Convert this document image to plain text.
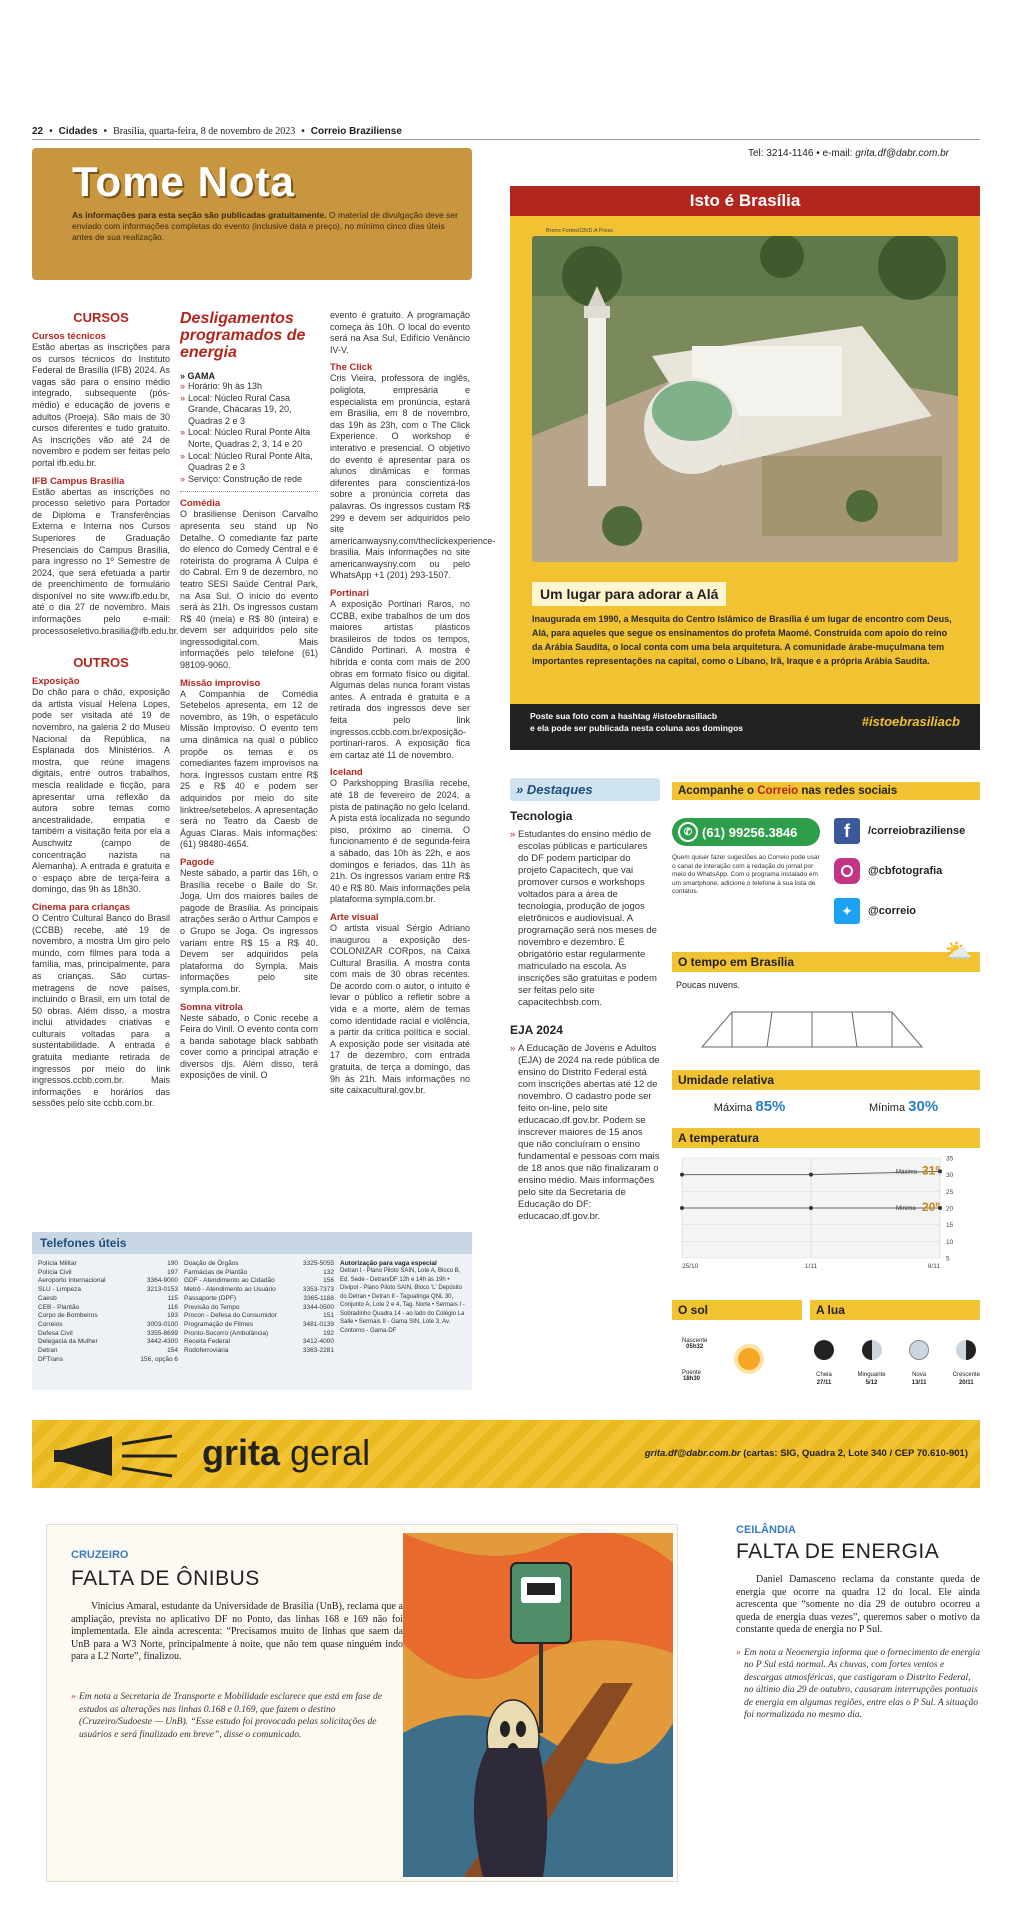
22 • Cidades • Brasília, quarta-feira, 8 de novembro de 2023 • Correio Braziliense
Tel: 3214-1146 • e-mail: grita.df@dabr.com.br
Tome Nota
As informações para esta seção são publicadas gratuitamente. O material de divulgação deve ser enviado com informações completas do evento (inclusive data e preço), no mínimo cinco dias úteis antes de sua realização.
CURSOS
Cursos técnicos
Estão abertas as inscrições para os cursos técnicos do Instituto Federal de Brasília (IFB) 2024. As vagas são para o ensino médio integrado, subsequente (pós-médio) e educação de jovens e adultos (Proeja). São mais de 30 cursos diferentes e tudo gratuito. As inscrições vão até 24 de novembro e podem ser feitas pelo portal ifb.edu.br.
IFB Campus Brasília
Estão abertas as inscrições no processo seletivo para Portador de Diploma e Transferências Externa e Interna nos Cursos Superiores de Graduação Presenciais do Campus Brasília, para ingresso no 1º Semestre de 2024, que será efetuada a partir de preenchimento de formulário disponível no site www.ifb.edu.br, até o dia 27 de novembro. Mais informações pelo e-mail: processoseletivo.brasilia@ifb.edu.br.
OUTROS
Exposição
Do chão para o chão, exposição da artista visual Helena Lopes, pode ser visitada até 19 de novembro, na galeria 2 do Museu Nacional da República, na Esplanada dos Ministérios. A mostra, que reúne imagens digitais, entre outros trabalhos, mescla realidade e ficção, para apresentar uma reflexão da autora sobre temas como ancestralidade, empatia e também a visitação feita por ela a Auschwitz (campo de concentração nazista na Alemanha). A entrada é gratuita e o espaço abre de terça-feira a domingo, das 9h às 18h30.
Cinema para crianças
O Centro Cultural Banco do Brasil (CCBB) recebe, até 19 de novembro, a mostra Um giro pelo mundo, com filmes para toda a família, mas, principalmente, para as crianças. São curtas-metragens de nove países, incluindo o Brasil, em um total de 50 obras. Além disso, a mostra inclui atividades criativas e culturais voltadas para a sustentabilidade. A entrada é gratuita mediante retirada de ingressos por meio do link ingressos.ccbb.com.br. Mais informações e horários das sessões pelo site ccbb.com.br.
Desligamentos programados de energia
» GAMA
» Horário: 9h às 13h
» Local: Núcleo Rural Casa Grande, Chácaras 19, 20, Quadras 2 e 3
» Local: Núcleo Rural Ponte Alta Norte, Quadras 2, 3, 14 e 20
» Local: Núcleo Rural Ponte Alta, Quadras 2 e 3
» Serviço: Construção de rede
Comédia
O brasiliense Denison Carvalho apresenta seu stand up No Detalhe. O comediante faz parte do elenco do Comedy Central e é roteirista do programa A Culpa é do Cabral. Em 9 de dezembro, no teatro SESI Saúde Central Park, na Asa Sul. O início do evento será às 21h. Os ingressos custam R$ 40 (meia) e R$ 80 (inteira) e devem ser adquiridos pelo site ingressodigital.com. Mais informações pelo telefone (61) 98109-9060.
Missão improviso
A Companhia de Comédia Setebelos apresenta, em 12 de novembro, às 19h, o espetáculo Missão Improviso. O evento tem uma dinâmica na qual o público propõe os temas e os comediantes fazem improvisos na hora. Ingressos custam entre R$ 25 e R$ 40 e podem ser adquiridos por meio do site linktree/setebelos. A apresentação será no Teatro da Caesb de Águas Claras. Mais informações: (61) 98480-4654.
Pagode
Neste sábado, a partir das 16h, o Brasília recebe o Baile do Sr. Joga. Um dos maiores bailes de pagode de Brasília. As principais atrações serão o Arthur Campos e o Grupo se Joga. Os ingressos variam entre R$ 15 a R$ 40. Devem ser adquiridos pela plataforma do Sympla. Mais informações pelo site sympla.com.br.
Somna vitrola
Neste sábado, o Conic recebe a Feira do Vinil. O evento conta com a banda sabotage black sabbath cover como a principal atração e diversos djs. Além disso, terá exposições de vinil. O
evento é gratuito. A programação começa às 10h. O local do evento será na Asa Sul, Edifício Venâncio IV-V.
The Click
Cris Vieira, professora de inglês, poliglota, empresária e especialista em pronúncia, estará em Brasília, em 8 de novembro, das 19h às 23h, com o The Click Experience. O workshop é interativo e presencial. O objetivo do evento é apresentar para os alunos dinâmicas e formas diferentes para conscientizá-los sobre a pronúncia correta das palavras. Os ingressos custam R$ 299 e devem ser adquiridos pelo site americanwaysny.com/theclickexperience-brasilia. Mais informações no site americanwaysny.com ou pelo WhatsApp +1 (201) 293-1507.
Portinari
A exposição Portinari Raros, no CCBB, exibe trabalhos de um dos maiores artistas plásticos brasileiros de todos os tempos, Cândido Portinari. A mostra é híbrida e conta com mais de 200 obras em formato físico ou digital. Algumas delas nunca foram vistas antes. A entrada é gratuita e a retirada dos ingressos deve ser feita pelo link ingressos.ccbb.com.br/exposição-portinari-raros. A exposição fica em cartaz até 11 de novembro.
Iceland
O Parkshopping Brasília recebe, até 18 de fevereiro de 2024, a pista de patinação no gelo Iceland. A pista está localizada no segundo piso, próximo ao cinema. O funcionamento é de segunda-feira a sábado, das 10h às 22h, e aos domingos e feriados, das 11h às 21h. Os ingressos variam entre R$ 40 e R$ 80. Mais informações pela plataforma sympla.com.br.
Arte visual
O artista visual Sérgio Adriano inaugurou a exposição des-COLONIZAR CORpos, na Caixa Cultural Brasília. A mostra conta com mais de 30 obras recentes. De acordo com o autor, o intuito é levar o público a refletir sobre a vida e a morte, além de temas como identidade racial e violência, a partir da crítica política e social. A exposição pode ser visitada até 17 de dezembro, com entrada gratuita, de terça a domingo, das 9h às 21h. Mais informações no site caixacultural.gov.br.
Telefones úteis
Polícia Militar	190
Polícia Civil	197
Aeroporto Internacional	3364-9000
SLU - Limpeza	3213-0153
Caesb	115
CEB - Plantão	116
Corpo de Bombeiros	193
Correios	3003-0100
Defesa Civil	3355-8699
Delegacia da Mulher	3442-4300
Detran	154
DFTrans	156, opção 6
Doação de Órgãos	3325-5055
Farmácias de Plantão	132
GDF - Atendimento ao Cidadão	156
Metrô - Atendimento ao Usuário	3353-7373
Passaporte (DPF)	3365-1188
Previsão do Tempo	3344-0500
Procon - Defesa do Consumidor	151
Programação de Filmes	3481-0139
Pronto-Socorro (Ambulância)	192
Receita Federal	3412-4000
Rodoferroviária	3363-2281
Autorização para vaga especial
Detran I - Plano Piloto SAIN, Lote A, Bloco B, Ed. Sede - Detran/DF 12h e 14h às 19h • Divipol - Plano Piloto SAIN, Bloco 'L' Depósito do Detran • Detran II - Taguatinga QNL 30, Conjunto A, Lote 2 e 4, Tag. Norte • Sermais I - Sobradinho Quadra 14 - ao lado do Colégio La Salle • Sermais II - Gama SIN, Lote 3, Av. Contorno - Gama-DF
Isto é Brasília
Breno Fortes/CB/D.A Press
Um lugar para adorar a Alá
Inaugurada em 1990, a Mesquita do Centro Islâmico de Brasília é um lugar de encontro com Deus, Alá, para aqueles que segue os ensinamentos do profeta Maomé. Construída com apoio do reino da Arábia Saudita, o local conta com uma bela arquitetura. A comunidade árabe-muçulmana tem importantes representações na capital, como o Líbano, Irã, Iraque e a própria Arábia Saudita.
Poste sua foto com a hashtag #istoebrasiliacb
e ela pode ser publicada nesta coluna aos domingos	#istoebrasiliacb
» Destaques
Tecnologia
» Estudantes do ensino médio de escolas públicas e particulares do DF podem participar do projeto Capacitech, que vai promover cursos e workshops voltados para a área de tecnologia, produção de jogos eletrônicos e audiovisual. A programação será nos meses de novembro e dezembro. É obrigatório estar regularmente matriculado na escola. As inscrições são gratuitas e podem ser feitas pelo site capacitechbsb.com.
EJA 2024
» A Educação de Jovens e Adultos (EJA) de 2024 na rede pública de ensino do Distrito Federal está com inscrições abertas até 12 de novembro. O cadastro pode ser feito on-line, pelo site educacao.df.gov.br. Podem se inscrever maiores de 15 anos que não concluíram o ensino fundamental e pessoas com mais de 18 anos que não finalizaram o ensino médio. Mais informações pelo site da Secretaria de Educação do DF: educacao.df.gov.br.
Acompanhe o Correio nas redes sociais
✆ (61) 99256.3846
Quem quiser fazer sugestões ao Correio pode usar o canal de interação com a redação do jornal por meio do WhatsApp. Com o programa instalado em um smartphone, adicione o telefone à sua lista de contatos.
f	/correiobraziliense
@cbfotografia
✦	@correio
O tempo em Brasília	⛅
Poucas nuvens.
Umidade relativa
Máxima 85%	Mínima 30%
A temperatura
35
30
25
20
15
10
5
25/10	1/11	8/11
Máxima 31º
Mínima 20º
O sol	A lua
Nascente
05h32
Poente
18h30
Cheia
27/11
Minguante
5/12
Nova
13/11
Crescente
20/11
grita geral	grita.df@dabr.com.br (cartas: SIG, Quadra 2, Lote 340 / CEP 70.610-901)
CRUZEIRO
FALTA DE ÔNIBUS
Vinícius Amaral, estudante da Universidade de Brasília (UnB), reclama que a ampliação, prevista no aplicativo DF no Ponto, das linhas 168 e 169 não foi implementada. Ele ainda acrescenta: “Precisamos muito de linhas que saem da UnB para a W3 Norte, principalmente à noite, que não tem quase ninguém indo para a L2 Norte”, finalizou.
» Em nota a Secretaria de Transporte e Mobilidade esclarece que está em fase de estudos as alterações nas linhas 0.168 e 0.169, que fazem o destino (Cruzeiro/Sudoeste — UnB). “Esse estudo foi provocado pelas solicitações de usuários e será finalizado em breve”, disse o comunicado.
CEILÂNDIA
FALTA DE ENERGIA
Daniel Damasceno reclama da constante queda de energia que ocorre na quadra 12 do local. Ele ainda acrescenta que “somente no dia 29 de outubro ocorreu a queda de energia duas vezes”, queremos saber o motivo da constante queda de energia no P Sul.
» Em nota a Neoenergia informa que o fornecimento de energia no P Sul está normal. As chuvas, com fortes ventos e descargas atmosféricas, que castigaram o Distrito Federal, no último dia 29 de outubro, causaram interrupções pontuais de energia em algumas regiões, entre elas o P Sul. A situação foi normalizada no mesmo dia.
